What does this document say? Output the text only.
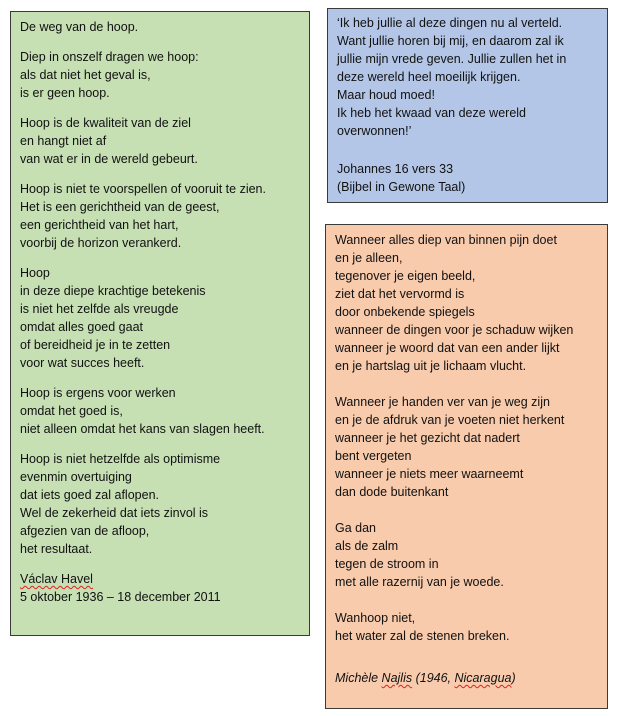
De weg van de hoop.
Diep in onszelf dragen we hoop:
als dat niet het geval is,
is er geen hoop.
Hoop is de kwaliteit van de ziel
en hangt niet af
van wat er in de wereld gebeurt.
Hoop is niet te voorspellen of vooruit te zien.
Het is een gerichtheid van de geest,
een gerichtheid van het hart,
voorbij de horizon verankerd.
Hoop
in deze diepe krachtige betekenis
is niet het zelfde als vreugde
omdat alles goed gaat
of bereidheid je in te zetten
voor wat succes heeft.
Hoop is ergens voor werken
omdat het goed is,
niet alleen omdat het kans van slagen heeft.
Hoop is niet hetzelfde als optimisme
evenmin overtuiging
dat iets goed zal aflopen.
Wel de zekerheid dat iets zinvol is
afgezien van de afloop,
het resultaat.
Václav Havel
5 oktober 1936 – 18 december 2011
‘Ik heb jullie al deze dingen nu al verteld.
Want jullie horen bij mij, en daarom zal ik
jullie mijn vrede geven. Jullie zullen het in
deze wereld heel moeilijk krijgen.
Maar houd moed!
Ik heb het kwaad van deze wereld
overwonnen!’
Johannes 16 vers 33
(Bijbel in Gewone Taal)
Wanneer alles diep van binnen pijn doet
en je alleen,
tegenover je eigen beeld,
ziet dat het vervormd is
door onbekende spiegels
wanneer de dingen voor je schaduw wijken
wanneer je woord dat van een ander lijkt
en je hartslag uit je lichaam vlucht.
Wanneer je handen ver van je weg zijn
en je de afdruk van je voeten niet herkent
wanneer je het gezicht dat nadert
bent vergeten
wanneer je niets meer waarneemt
dan dode buitenkant
Ga dan
als de zalm
tegen de stroom in
met alle razernij van je woede.
Wanhoop niet,
het water zal de stenen breken.
Michèle Najlis (1946, Nicaragua)
